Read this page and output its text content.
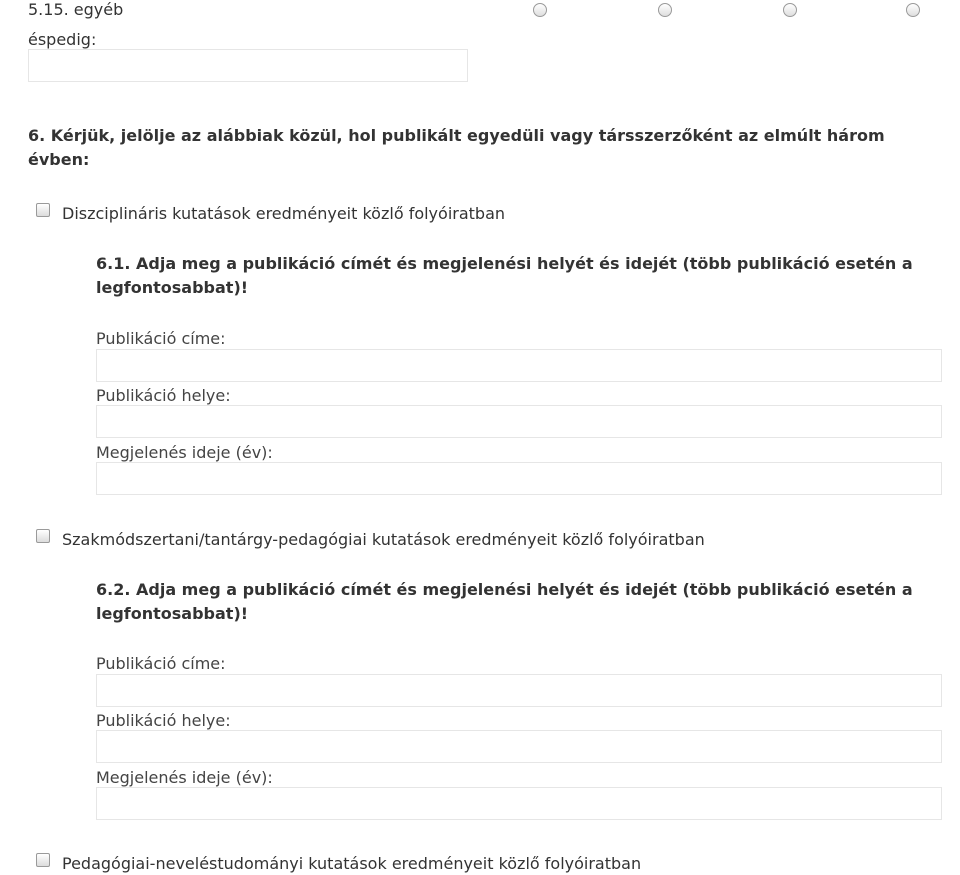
5.15. egyéb
éspedig:
6. Kérjük, jelölje az alábbiak közül, hol publikált egyedüli vagy társszerzőként az elmúlt három
évben:
Diszciplináris kutatások eredményeit közlő folyóiratban
6.1. Adja meg a publikáció címét és megjelenési helyét és idejét (több publikáció esetén a
legfontosabbat)!
Publikáció címe:
Publikáció helye:
Megjelenés ideje (év):
Szakmódszertani/tantárgy-pedagógiai kutatások eredményeit közlő folyóiratban
6.2. Adja meg a publikáció címét és megjelenési helyét és idejét (több publikáció esetén a
legfontosabbat)!
Publikáció címe:
Publikáció helye:
Megjelenés ideje (év):
Pedagógiai-neveléstudományi kutatások eredményeit közlő folyóiratban
